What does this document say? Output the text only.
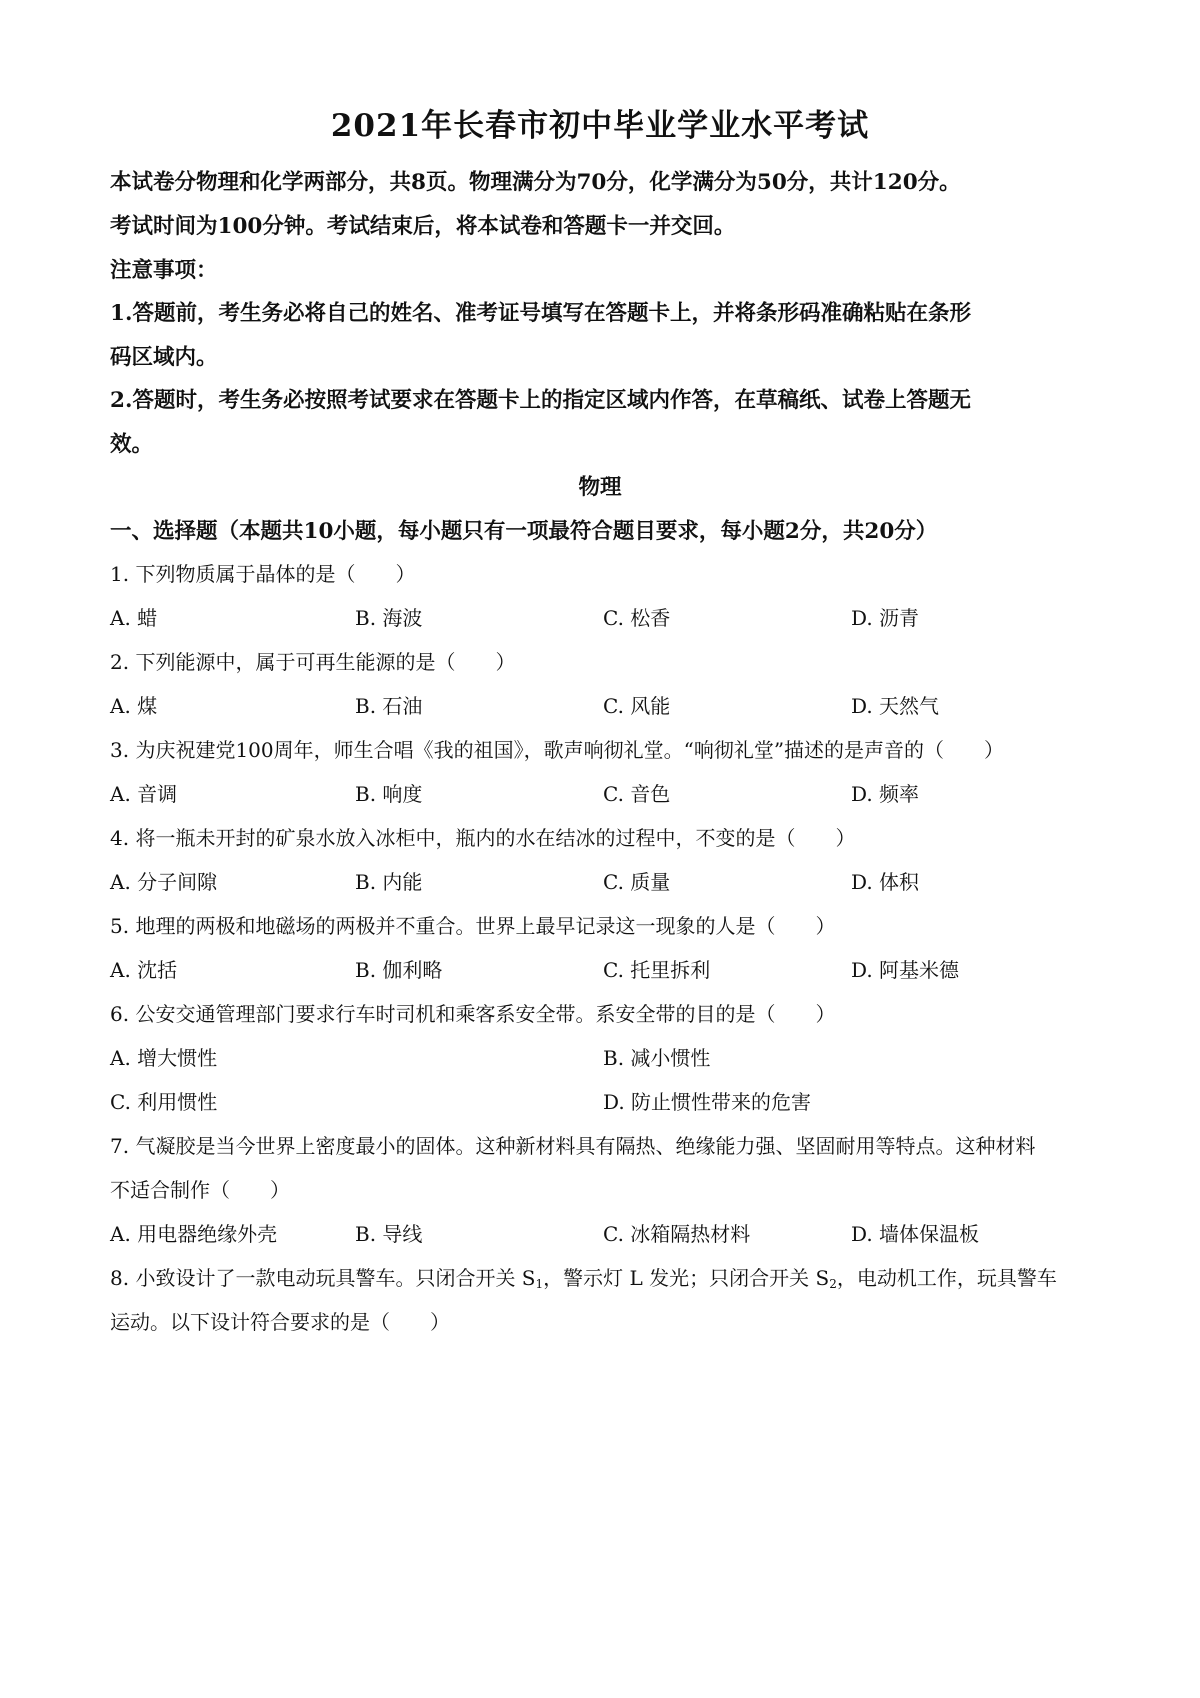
2021年长春市初中毕业学业水平考试
本试卷分物理和化学两部分，共8页。物理满分为70分，化学满分为50分，共计120分。
考试时间为100分钟。考试结束后，将本试卷和答题卡一并交回。
注意事项：
1.答题前，考生务必将自己的姓名、准考证号填写在答题卡上，并将条形码准确粘贴在条形
码区域内。
2.答题时，考生务必按照考试要求在答题卡上的指定区域内作答，在草稿纸、试卷上答题无
效。
物理
一、选择题（本题共10小题，每小题只有一项最符合题目要求，每小题2分，共20分）
1. 下列物质属于晶体的是（　　）
A. 蜡	B. 海波	C. 松香	D. 沥青
2. 下列能源中，属于可再生能源的是（　　）
A. 煤	B. 石油	C. 风能	D. 天然气
3. 为庆祝建党100周年，师生合唱《我的祖国》，歌声响彻礼堂。“响彻礼堂”描述的是声音的（　　）
A. 音调	B. 响度	C. 音色	D. 频率
4. 将一瓶未开封的矿泉水放入冰柜中，瓶内的水在结冰的过程中，不变的是（　　）
A. 分子间隙	B. 内能	C. 质量	D. 体积
5. 地理的两极和地磁场的两极并不重合。世界上最早记录这一现象的人是（　　）
A. 沈括	B. 伽利略	C. 托里拆利	D. 阿基米德
6. 公安交通管理部门要求行车时司机和乘客系安全带。系安全带的目的是（　　）
A. 增大惯性	B. 减小惯性
C. 利用惯性	D. 防止惯性带来的危害
7. 气凝胶是当今世界上密度最小的固体。这种新材料具有隔热、绝缘能力强、坚固耐用等特点。这种材料
不适合制作（　　）
A. 用电器绝缘外壳	B. 导线	C. 冰箱隔热材料	D. 墙体保温板
8. 小致设计了一款电动玩具警车。只闭合开关 $S_1$，警示灯 L 发光；只闭合开关 $S_2$，电动机工作，玩具警车
运动。以下设计符合要求的是（　　）
